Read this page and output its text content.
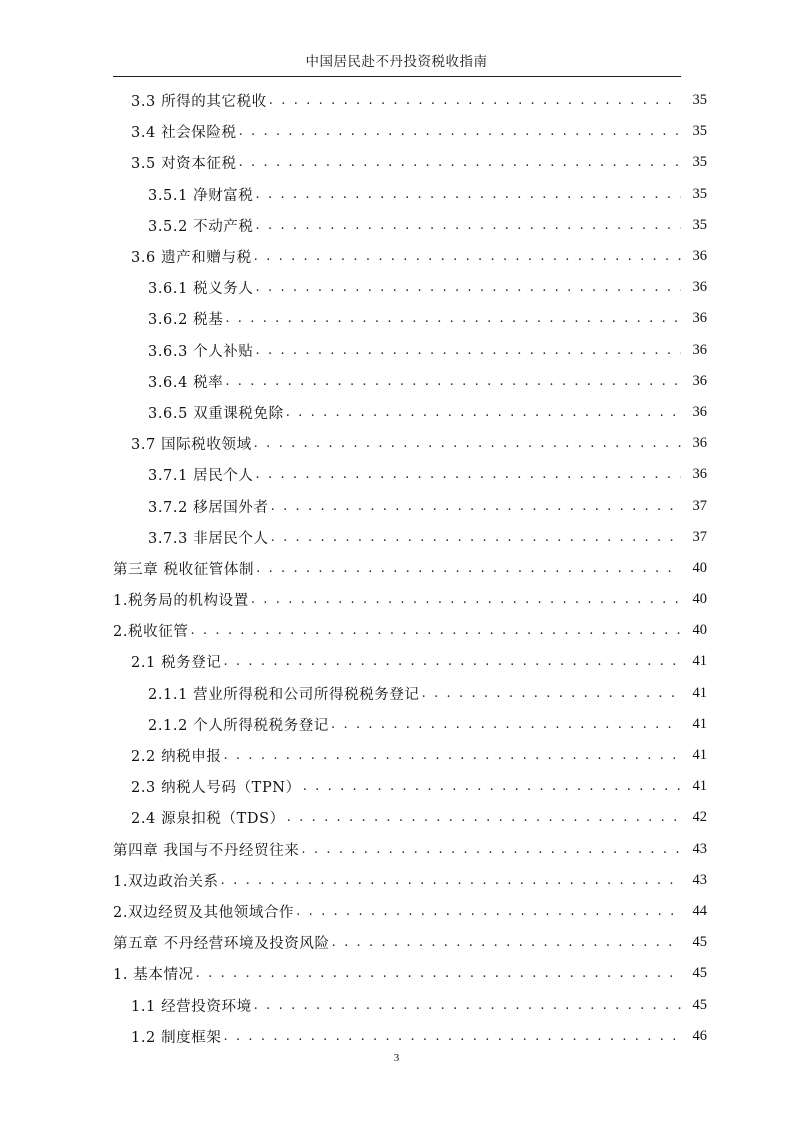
中国居民赴不丹投资税收指南
3.3 所得的其它税收 . . .	35
3.4 社会保险税 . . .	35
3.5 对资本征税 . . .	35
3.5.1 净财富税 . . .	35
3.5.2 不动产税 . . .	35
3.6 遗产和赠与税 . . .	36
3.6.1 税义务人 . . .	36
3.6.2 税基 . . .	36
3.6.3 个人补贴 . . .	36
3.6.4 税率 . . .	36
3.6.5 双重课税免除 . . .	36
3.7 国际税收领域 . . .	36
3.7.1 居民个人 . . .	36
3.7.2 移居国外者 . . .	37
3.7.3 非居民个人 . . .	37
第三章 税收征管体制 . . .	40
1.税务局的机构设置 . . .	40
2.税收征管 . . .	40
2.1 税务登记 . . .	41
2.1.1 营业所得税和公司所得税税务登记 . . .	41
2.1.2 个人所得税税务登记 . . .	41
2.2 纳税申报 . . .	41
2.3 纳税人号码（TPN） . . .	41
2.4 源泉扣税（TDS） . . .	42
第四章 我国与不丹经贸往来 . . .	43
1.双边政治关系 . . .	43
2.双边经贸及其他领域合作 . . .	44
第五章 不丹经营环境及投资风险 . . .	45
1. 基本情况 . . .	45
1.1 经营投资环境 . . .	45
1.2 制度框架 . . .	46
3
